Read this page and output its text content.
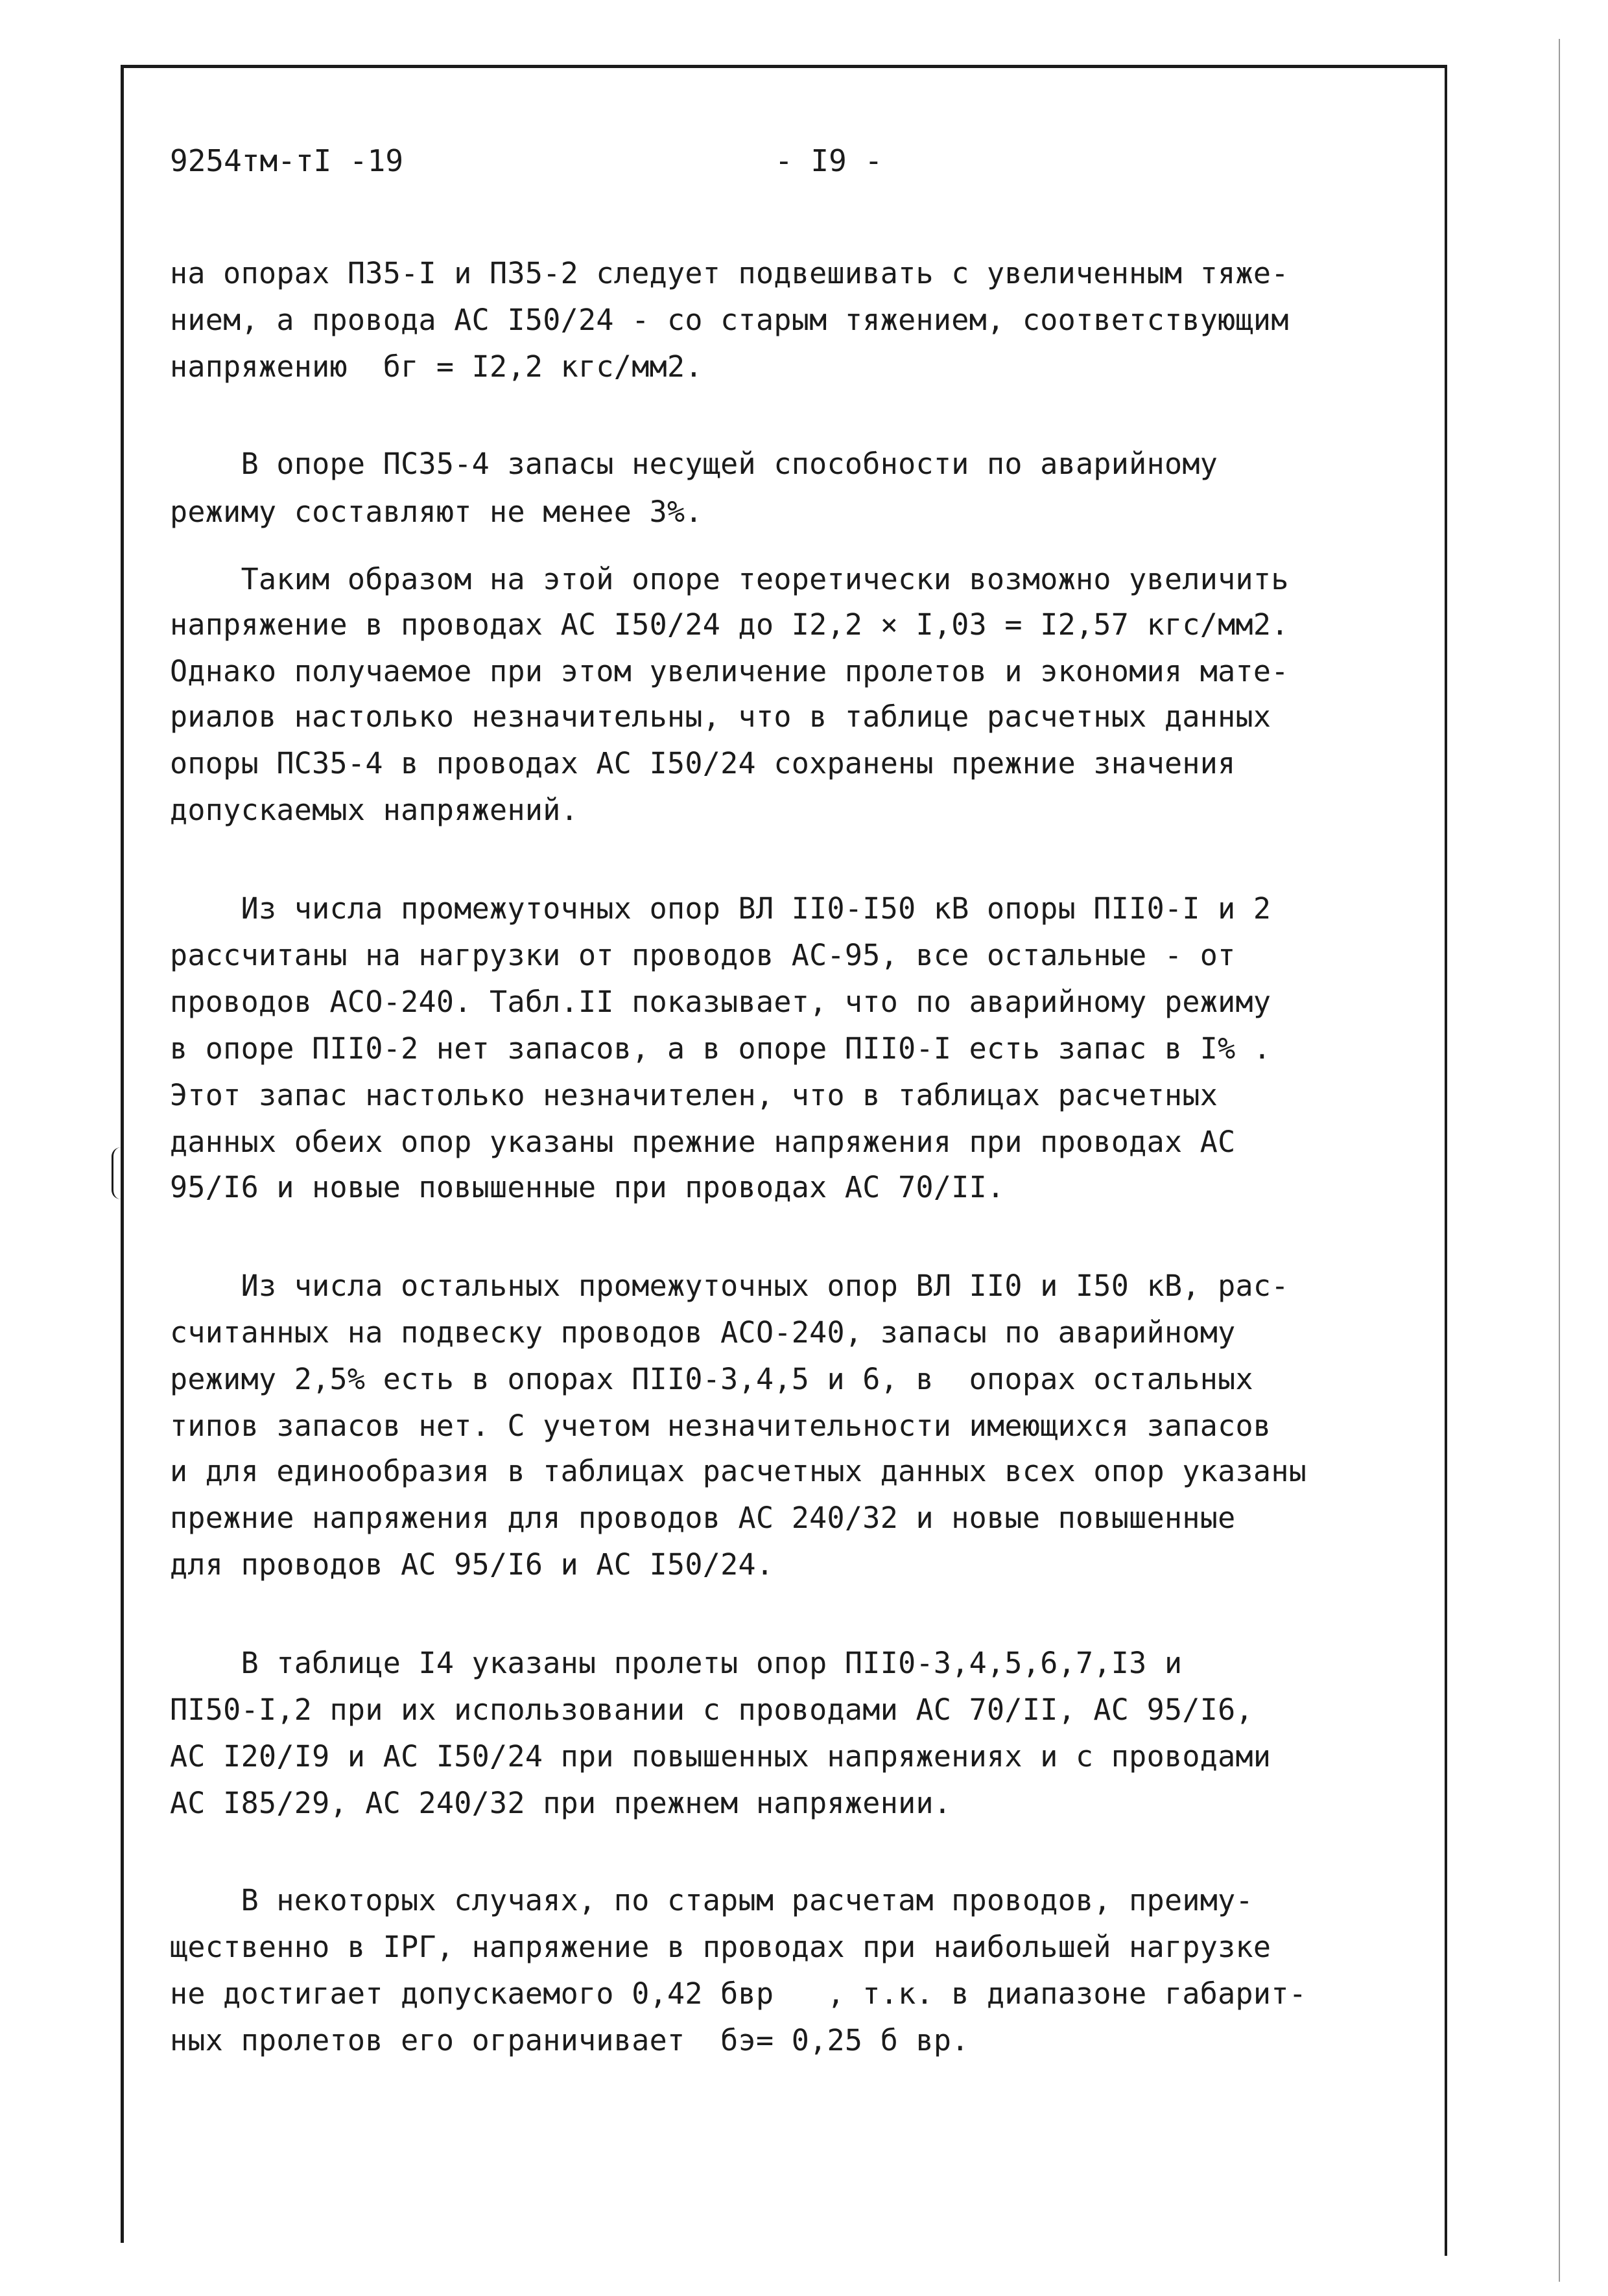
9254тм-тI -19	- I9 -
на опорах П35-I и П35-2 следует подвешивать с увеличенным тяже-
нием, а провода АС I50/24 - со старым тяжением, соответствующим
напряжению  бг = I2,2 кгс/мм2.
В опоре ПС35-4 запасы несущей способности по аварийному
режиму составляют не менее 3%.
Таким образом на этой опоре теоретически возможно увеличить
напряжение в проводах АС I50/24 до I2,2 × I,03 = I2,57 кгс/мм2.
Однако получаемое при этом увеличение пролетов и экономия мате-
риалов настолько незначительны, что в таблице расчетных данных
опоры ПС35-4 в проводах АС I50/24 сохранены прежние значения
допускаемых напряжений.
Из числа промежуточных опор ВЛ II0-I50 кВ опоры ПII0-I и 2
рассчитаны на нагрузки от проводов АС-95, все остальные - от
проводов АСО-240. Табл.II показывает, что по аварийному режиму
в опоре ПII0-2 нет запасов, а в опоре ПII0-I есть запас в I% .
Этот запас настолько незначителен, что в таблицах расчетных
данных обеих опор указаны прежние напряжения при проводах АС
95/I6 и новые повышенные при проводах АС 70/II.
Из числа остальных промежуточных опор ВЛ II0 и I50 кВ, рас-
считанных на подвеску проводов АСО-240, запасы по аварийному
режиму 2,5% есть в опорах ПII0-3,4,5 и 6, в  опорах остальных
типов запасов нет. С учетом незначительности имеющихся запасов
и для единообразия в таблицах расчетных данных всех опор указаны
прежние напряжения для проводов АС 240/32 и новые повышенные
для проводов АС 95/I6 и АС I50/24.
В таблице I4 указаны пролеты опор ПII0-3,4,5,6,7,I3 и
ПI50-I,2 при их использовании с проводами АС 70/II, АС 95/I6,
АС I20/I9 и АС I50/24 при повышенных напряжениях и с проводами
АС I85/29, АС 240/32 при прежнем напряжении.
В некоторых случаях, по старым расчетам проводов, преиму-
щественно в IРГ, напряжение в проводах при наибольшей нагрузке
не достигает допускаемого 0,42 бвр   , т.к. в диапазоне габарит-
ных пролетов его ограничивает  бэ= 0,25 б вр.
